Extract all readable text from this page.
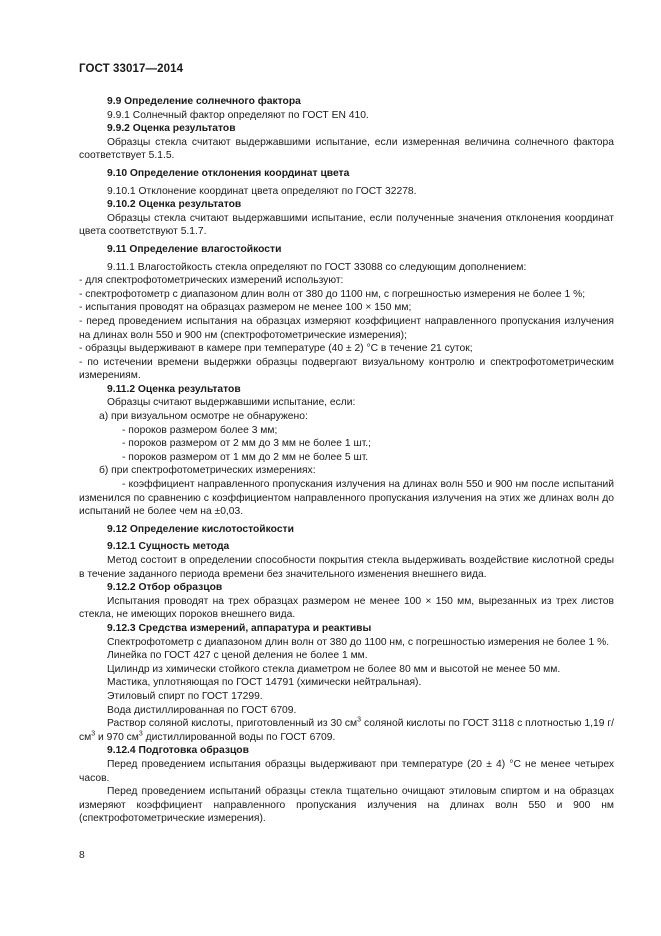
ГОСТ 33017—2014

9.9 Определение солнечного фактора

9.9.1 Солнечный фактор определяют по ГОСТ EN 410.

9.9.2 Оценка результатов

Образцы стекла считают выдержавшими испытание, если измеренная величина солнечного фактора соответствует 5.1.5.

9.10 Определение отклонения координат цвета

9.10.1 Отклонение координат цвета определяют по ГОСТ 32278.

9.10.2 Оценка результатов

Образцы стекла считают выдержавшими испытание, если полученные значения отклонения координат цвета соответствуют 5.1.7.

9.11 Определение влагостойкости

9.11.1 Влагостойкость стекла определяют по ГОСТ 33088 со следующим дополнением:

- для спектрофотометрических измерений используют:

- спектрофотометр с диапазоном длин волн от 380 до 1100 нм, с погрешностью измерения не более 1 %;

- испытания проводят на образцах размером не менее 100 × 150 мм;

- перед проведением испытания на образцах измеряют коэффициент направленного пропускания излучения на длинах волн 550 и 900 нм (спектрофотометрические измерения);

- образцы выдерживают в камере при температуре (40 ± 2) °С в течение 21 суток;

- по истечении времени выдержки образцы подвергают визуальному контролю и спектрофотометрическим измерениям.

9.11.2 Оценка результатов

Образцы считают выдержавшими испытание, если:

а) при визуальном осмотре не обнаружено:

- пороков размером более 3 мм;

- пороков размером от 2 мм до 3 мм не более 1 шт.;

- пороков размером от 1 мм до 2 мм не более 5 шт.

б) при спектрофотометрических измерениях:

- коэффициент направленного пропускания излучения на длинах волн 550 и 900 нм после испытаний изменился по сравнению с коэффициентом направленного пропускания излучения на этих же длинах волн до испытаний не более чем на ±0,03.

9.12 Определение кислотостойкости

9.12.1 Сущность метода

Метод состоит в определении способности покрытия стекла выдерживать воздействие кислотной среды в течение заданного периода времени без значительного изменения внешнего вида.

9.12.2 Отбор образцов

Испытания проводят на трех образцах размером не менее 100 × 150 мм, вырезанных из трех листов стекла, не имеющих пороков внешнего вида.

9.12.3 Средства измерений, аппаратура и реактивы

Спектрофотометр с диапазоном длин волн от 380 до 1100 нм, с погрешностью измерения не более 1 %.

Линейка по ГОСТ 427 с ценой деления не более 1 мм.

Цилиндр из химически стойкого стекла диаметром не более 80 мм и высотой не менее 50 мм.

Мастика, уплотняющая по ГОСТ 14791 (химически нейтральная).

Этиловый спирт по ГОСТ 17299.

Вода дистиллированная по ГОСТ 6709.

Раствор соляной кислоты, приготовленный из 30 $см^3$ соляной кислоты по ГОСТ 3118 с плотностью 1,19 $г/см^3$ и 970 $см^3$ дистиллированной воды по ГОСТ 6709.

9.12.4 Подготовка образцов

Перед проведением испытания образцы выдерживают при температуре (20 ± 4) °С не менее четырех часов.

Перед проведением испытаний образцы стекла тщательно очищают этиловым спиртом и на образцах измеряют коэффициент направленного пропускания излучения на длинах волн 550 и 900 нм (спектрофотометрические измерения).

8
